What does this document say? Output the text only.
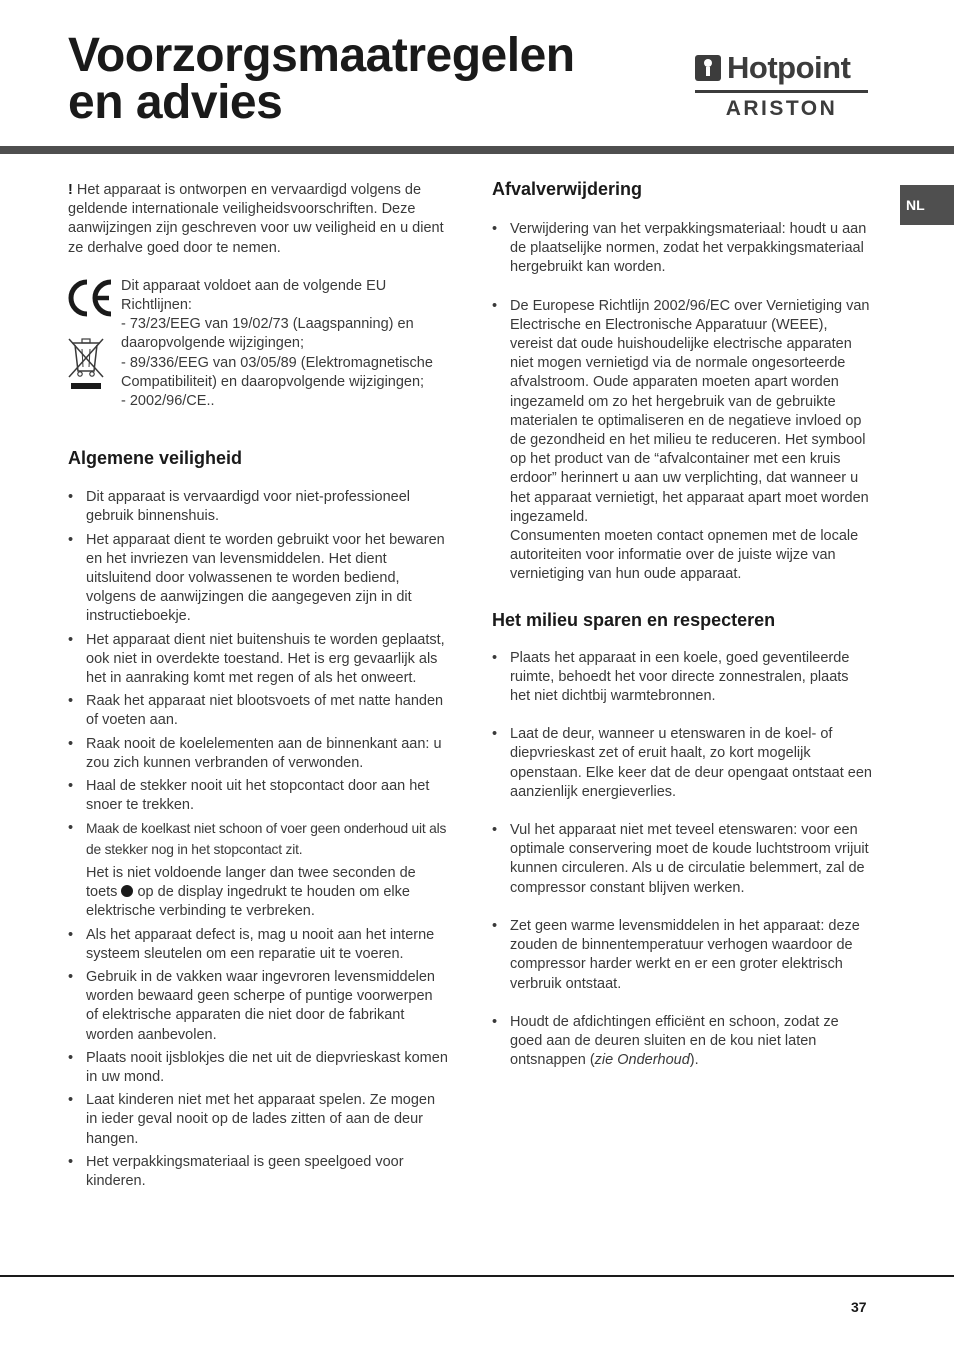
Voorzorgsmaatregelen
en advies
Hotpoint
ARISTON
NL

! Het apparaat is ontworpen en vervaardigd volgens de geldende internationale veiligheidsvoorschriften. Deze aanwijzingen zijn geschreven voor uw veiligheid en u dient ze derhalve goed door te nemen.

Dit apparaat voldoet aan de volgende EU Richtlijnen:

- 73/23/EEG van 19/02/73 (Laagspanning) en daaropvolgende wijzigingen;

- 89/336/EEG van 03/05/89 (Elektromagnetische Compatibiliteit) en daaropvolgende wijzigingen;

- 2002/96/CE..

Algemene veiligheid
• Dit apparaat is vervaardigd voor niet-professioneel gebruik binnenshuis.
• Het apparaat dient te worden gebruikt voor het bewaren en het invriezen van levensmiddelen. Het dient uitsluitend door volwassenen te worden bediend, volgens de aanwijzingen die aangegeven zijn in dit instructieboekje.
• Het apparaat dient niet buitenshuis te worden geplaatst, ook niet in overdekte toestand. Het is erg gevaarlijk als het in aanraking komt met regen of als het onweert.
• Raak het apparaat niet blootsvoets of met natte handen of voeten aan.
• Raak nooit de koelelementen aan de binnenkant aan: u zou zich kunnen verbranden of verwonden.
• Haal de stekker nooit uit het stopcontact door aan het snoer te trekken.
• Maak de koelkast niet schoon of voer geen onderhoud uit als de stekker nog in het stopcontact zit.
Het is niet voldoende langer dan twee seconden de toets  op de display ingedrukt te houden om elke elektrische verbinding te verbreken.
• Als het apparaat defect is, mag u nooit aan het interne systeem sleutelen om een reparatie uit te voeren.
• Gebruik in de vakken waar ingevroren levensmiddelen worden bewaard geen scherpe of puntige voorwerpen of elektrische apparaten die niet door de fabrikant worden aanbevolen.
• Plaats nooit ijsblokjes die net uit de diepvrieskast komen in uw mond.
• Laat kinderen niet met het apparaat spelen. Ze mogen in ieder geval nooit op de lades zitten of aan de deur hangen.
• Het verpakkingsmateriaal is geen speelgoed voor kinderen.
Afvalverwijdering
• Verwijdering van het verpakkingsmateriaal: houdt u aan de plaatselijke normen, zodat het verpakkingsmateriaal hergebruikt kan worden.
• De Europese Richtlijn 2002/96/EC over Vernietiging van Electrische en Electronische Apparatuur (WEEE), vereist dat oude huishoudelijke electrische apparaten niet mogen vernietigd via de normale ongesorteerde afvalstroom. Oude apparaten moeten apart worden ingezameld om zo het hergebruik van de gebruikte materialen te optimaliseren en de negatieve invloed op de gezondheid en het milieu te reduceren. Het symbool op het product van de “afvalcontainer met een kruis erdoor” herinnert u aan uw verplichting, dat wanneer u het apparaat vernietigt, het apparaat apart moet worden ingezameld.
Consumenten moeten contact opnemen met de locale autoriteiten voor informatie over de juiste wijze van vernietiging van hun oude apparaat.
Het milieu sparen en respecteren
• Plaats het apparaat in een koele, goed geventileerde ruimte, behoedt het voor directe zonnestralen, plaats het niet dichtbij warmtebronnen.
• Laat de deur, wanneer u etenswaren in de koel- of diepvrieskast zet of eruit haalt, zo kort mogelijk openstaan. Elke keer dat de deur opengaat ontstaat een aanzienlijk energieverlies.
• Vul het apparaat niet met teveel etenswaren: voor een optimale conservering moet de koude luchtstroom vrijuit kunnen circuleren. Als u de circulatie belemmert, zal de compressor constant blijven werken.
• Zet geen warme levensmiddelen in het apparaat: deze zouden de binnentemperatuur verhogen waardoor de compressor harder werkt en er een groter elektrisch verbruik ontstaat.
• Houdt de afdichtingen efficiënt en schoon, zodat ze goed aan de deuren sluiten en de kou niet laten ontsnappen (zie Onderhoud).
37
